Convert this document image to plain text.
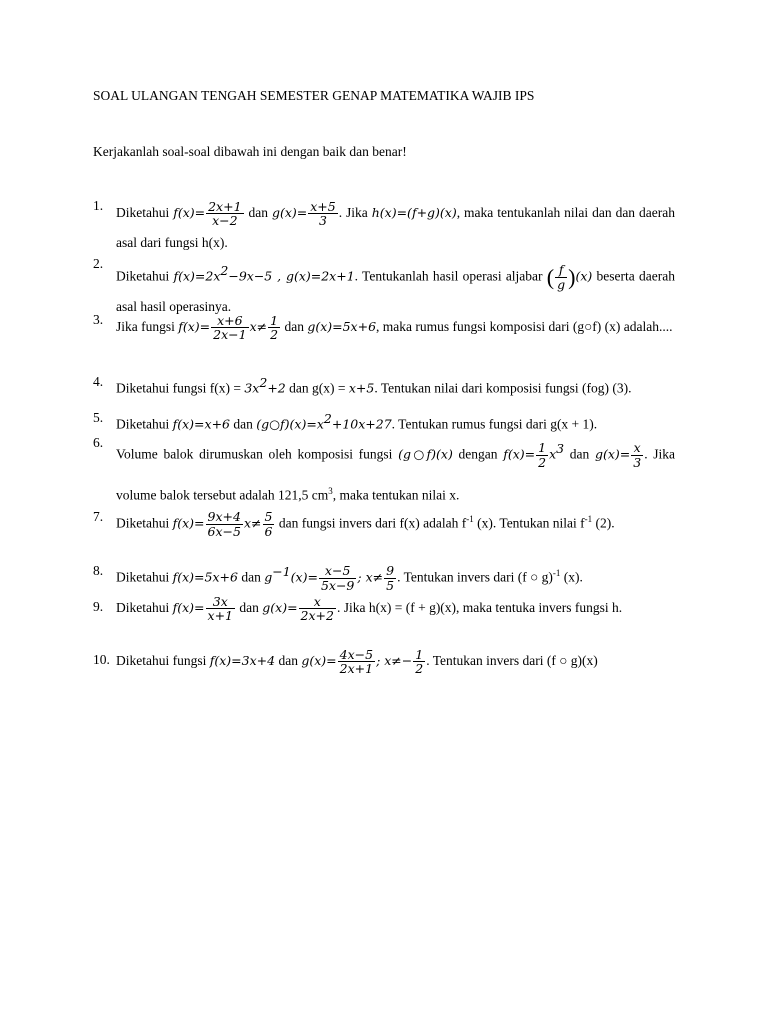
SOAL ULANGAN TENGAH SEMESTER GENAP MATEMATIKA WAJIB IPS
Kerjakanlah soal-soal dibawah ini dengan baik dan benar!
1. Diketahui $f(x)= \frac{2x+1}{x-2}$ dan $g(x)= \frac{x+5}{3}$ . Jika h(x)=(f+g)(x), maka tentukanlah nilai dan dan daerah asal dari fungsi h(x).
2.
Diketahui $f(x)=2x^2-9x-5$ , g(x)=2x+1. Tentukanlah hasil operasi aljabar ( $\frac{f}{g} )(x)$ beserta daerah asal hasil operasinya.
3. Jika fungsi $f(x)= \frac{x+6}{2x-1} x\ne \frac{1}{2}$ dan g(x)=5x+6, maka rumus fungsi komposisi dari (g○f) (x) adalah....
4. Diketahui fungsi $f(x) = 3x^2+2$ dan g(x) = x+5. Tentukan nilai dari komposisi fungsi (fog) (3).
5. Diketahui f(x)=x+6 dan $(g○f)(x)=x^2+10x+27$. Tentukan rumus fungsi dari g(x + 1).
6.
Volume balok dirumuskan oleh komposisi fungsi (g○f)(x) dengan $f(x)= \frac{1}{2} x^3$ dan $g(x)= \frac{x}{3}$ . Jika volume balok tersebut adalah 121,5 $cm^3$, maka tentukan nilai x.
7. Diketahui $f(x)= \frac{9x+4}{6x-5} x\ne \frac{5}{6}$ dan fungsi invers dari f(x) adalah $f^{-1}$ (x). Tentukan nilai $f^{-1}$ (2).
8. Diketahui f(x)=5x+6 dan $g^{-1}(x)= \frac{x-5}{5x-9}$ ; $x\ne \frac{9}{5}$ . Tentukan invers dari (f ○ g)$^{-1}$ (x).
9. Diketahui $f(x)= \frac{3x}{x+1}$ dan $g(x)= \frac{x}{2x+2}$ . Jika h(x) = (f + g)(x), maka tentuka invers fungsi h.
10. Diketahui fungsi f(x)=3x+4 dan $g(x)= \frac{4x-5}{2x+1}$ ; $x\ne- \frac{1}{2}$ . Tentukan invers dari (f ○ g)(x)
